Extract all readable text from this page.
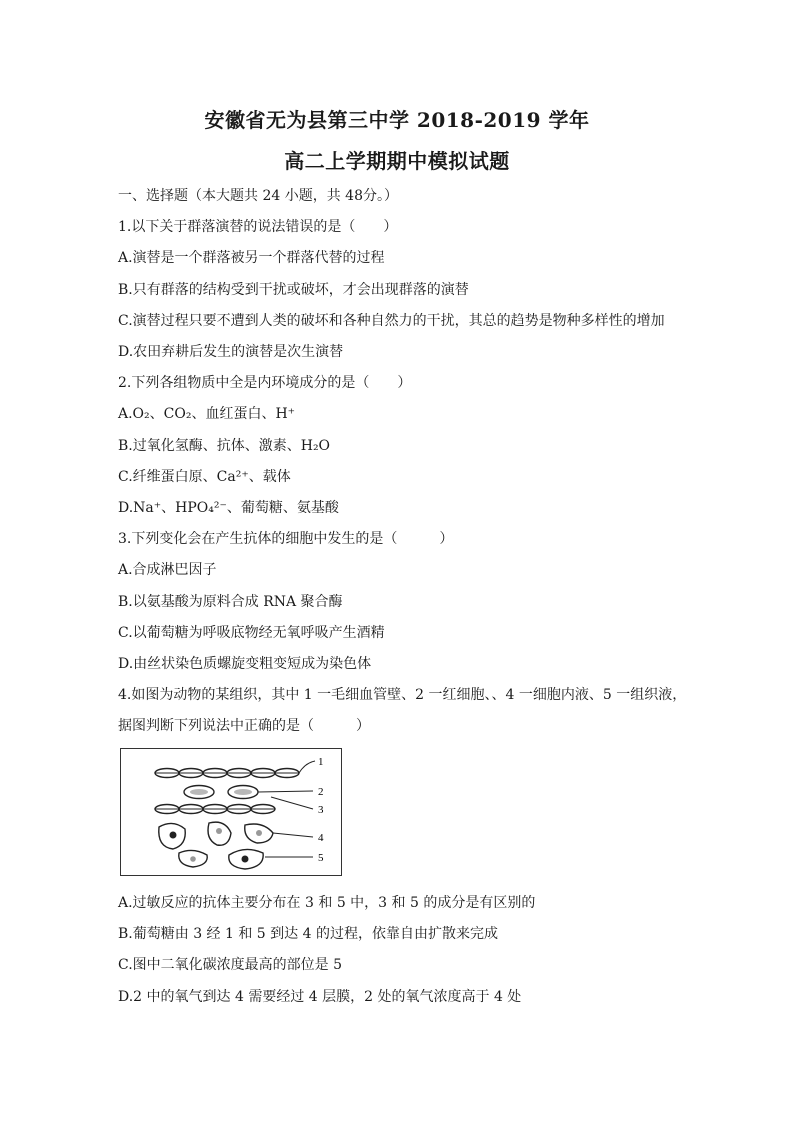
安徽省无为县第三中学 2018-2019 学年
高二上学期期中模拟试题
一、选择题（本大题共 24 小题，共 48分。）
1.以下关于群落演替的说法错误的是（　　）
A.演替是一个群落被另一个群落代替的过程
B.只有群落的结构受到干扰或破坏，才会出现群落的演替
C.演替过程只要不遭到人类的破坏和各种自然力的干扰，其总的趋势是物种多样性的增加
D.农田弃耕后发生的演替是次生演替
2.下列各组物质中全是内环境成分的是（　　）
A.O₂、CO₂、血红蛋白、H⁺
B.过氧化氢酶、抗体、激素、H₂O
C.纤维蛋白原、Ca²⁺、载体
D.Na⁺、HPO₄²⁻、葡萄糖、氨基酸
3.下列变化会在产生抗体的细胞中发生的是（　　　）
A.合成淋巴因子
B.以氨基酸为原料合成 RNA 聚合酶
C.以葡萄糖为呼吸底物经无氧呼吸产生酒精
D.由丝状染色质螺旋变粗变短成为染色体
4.如图为动物的某组织，其中 1 一毛细血管壁、2 一红细胞、、4 一细胞内液、5 一组织液，
据图判断下列说法中正确的是（　　　）
1
2
3
4
5
A.过敏反应的抗体主要分布在 3 和 5 中，3 和 5 的成分是有区别的
B.葡萄糖由 3 经 1 和 5 到达 4 的过程，依靠自由扩散来完成
C.图中二氧化碳浓度最高的部位是 5
D.2 中的氧气到达 4 需要经过 4 层膜，2 处的氧气浓度高于 4 处
